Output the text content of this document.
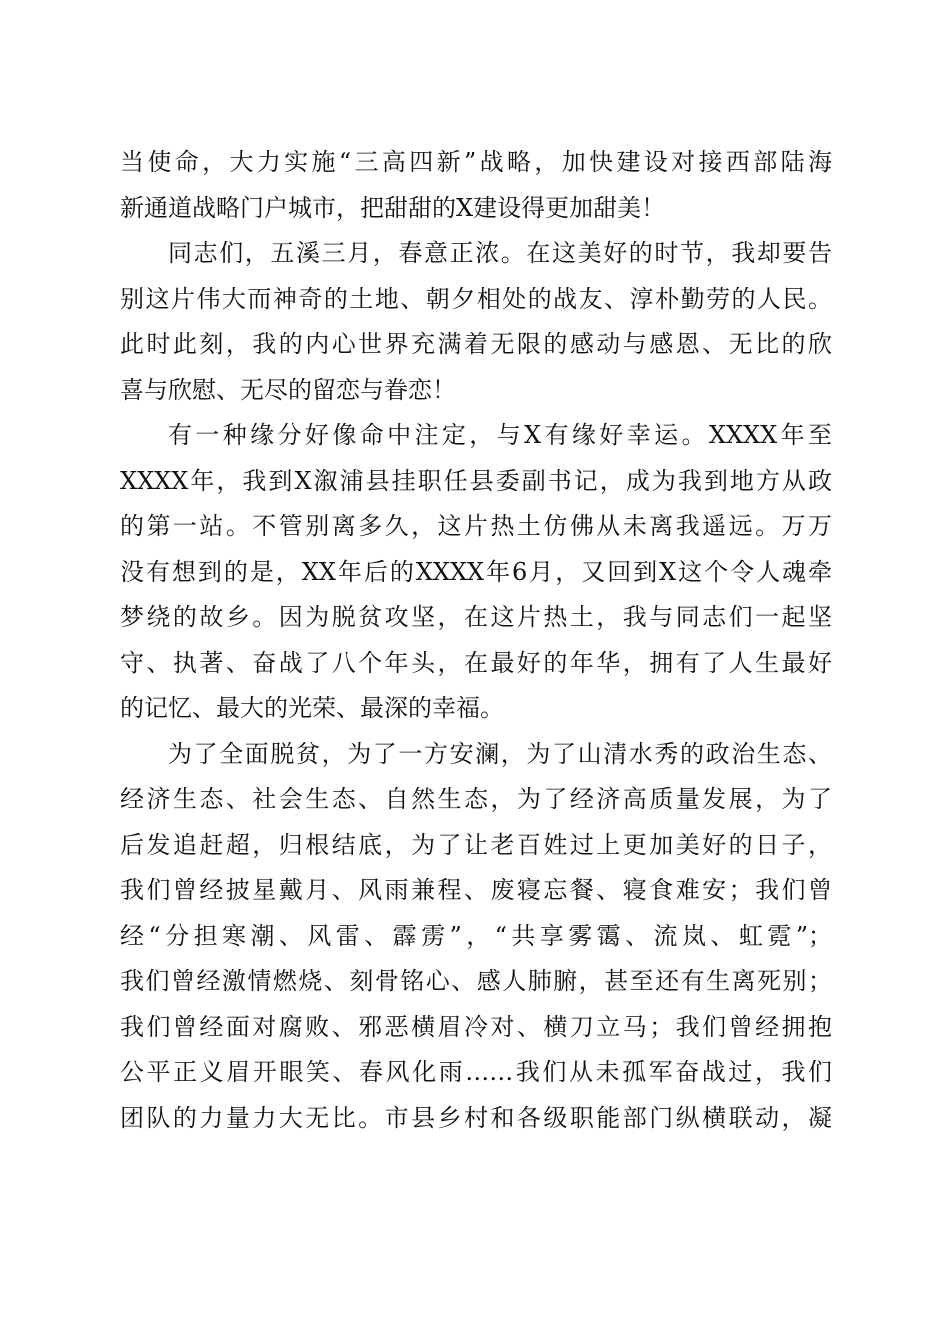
当使命，大力实施“三高四新”战略，加快建设对接西部陆海
新通道战略门户城市，把甜甜的X建设得更加甜美！
同志们，五溪三月，春意正浓。在这美好的时节，我却要告
别这片伟大而神奇的土地、朝夕相处的战友、淳朴勤劳的人民。
此时此刻，我的内心世界充满着无限的感动与感恩、无比的欣
喜与欣慰、无尽的留恋与眷恋！
有一种缘分好像命中注定，与X有缘好幸运。XXXX年至
XXXX年，我到X溆浦县挂职任县委副书记，成为我到地方从政
的第一站。不管别离多久，这片热土仿佛从未离我遥远。万万
没有想到的是，XX年后的XXXX年6月，又回到X这个令人魂牵
梦绕的故乡。因为脱贫攻坚，在这片热土，我与同志们一起坚
守、执著、奋战了八个年头，在最好的年华，拥有了人生最好
的记忆、最大的光荣、最深的幸福。
为了全面脱贫，为了一方安澜，为了山清水秀的政治生态、
经济生态、社会生态、自然生态，为了经济高质量发展，为了
后发追赶超，归根结底，为了让老百姓过上更加美好的日子，
我们曾经披星戴月、风雨兼程、废寝忘餐、寝食难安；我们曾
经“分担寒潮、风雷、霹雳”，“共享雾霭、流岚、虹霓”；
我们曾经激情燃烧、刻骨铭心、感人肺腑，甚至还有生离死别；
我们曾经面对腐败、邪恶横眉冷对、横刀立马；我们曾经拥抱
公平正义眉开眼笑、春风化雨……我们从未孤军奋战过，我们
团队的力量力大无比。市县乡村和各级职能部门纵横联动，凝
